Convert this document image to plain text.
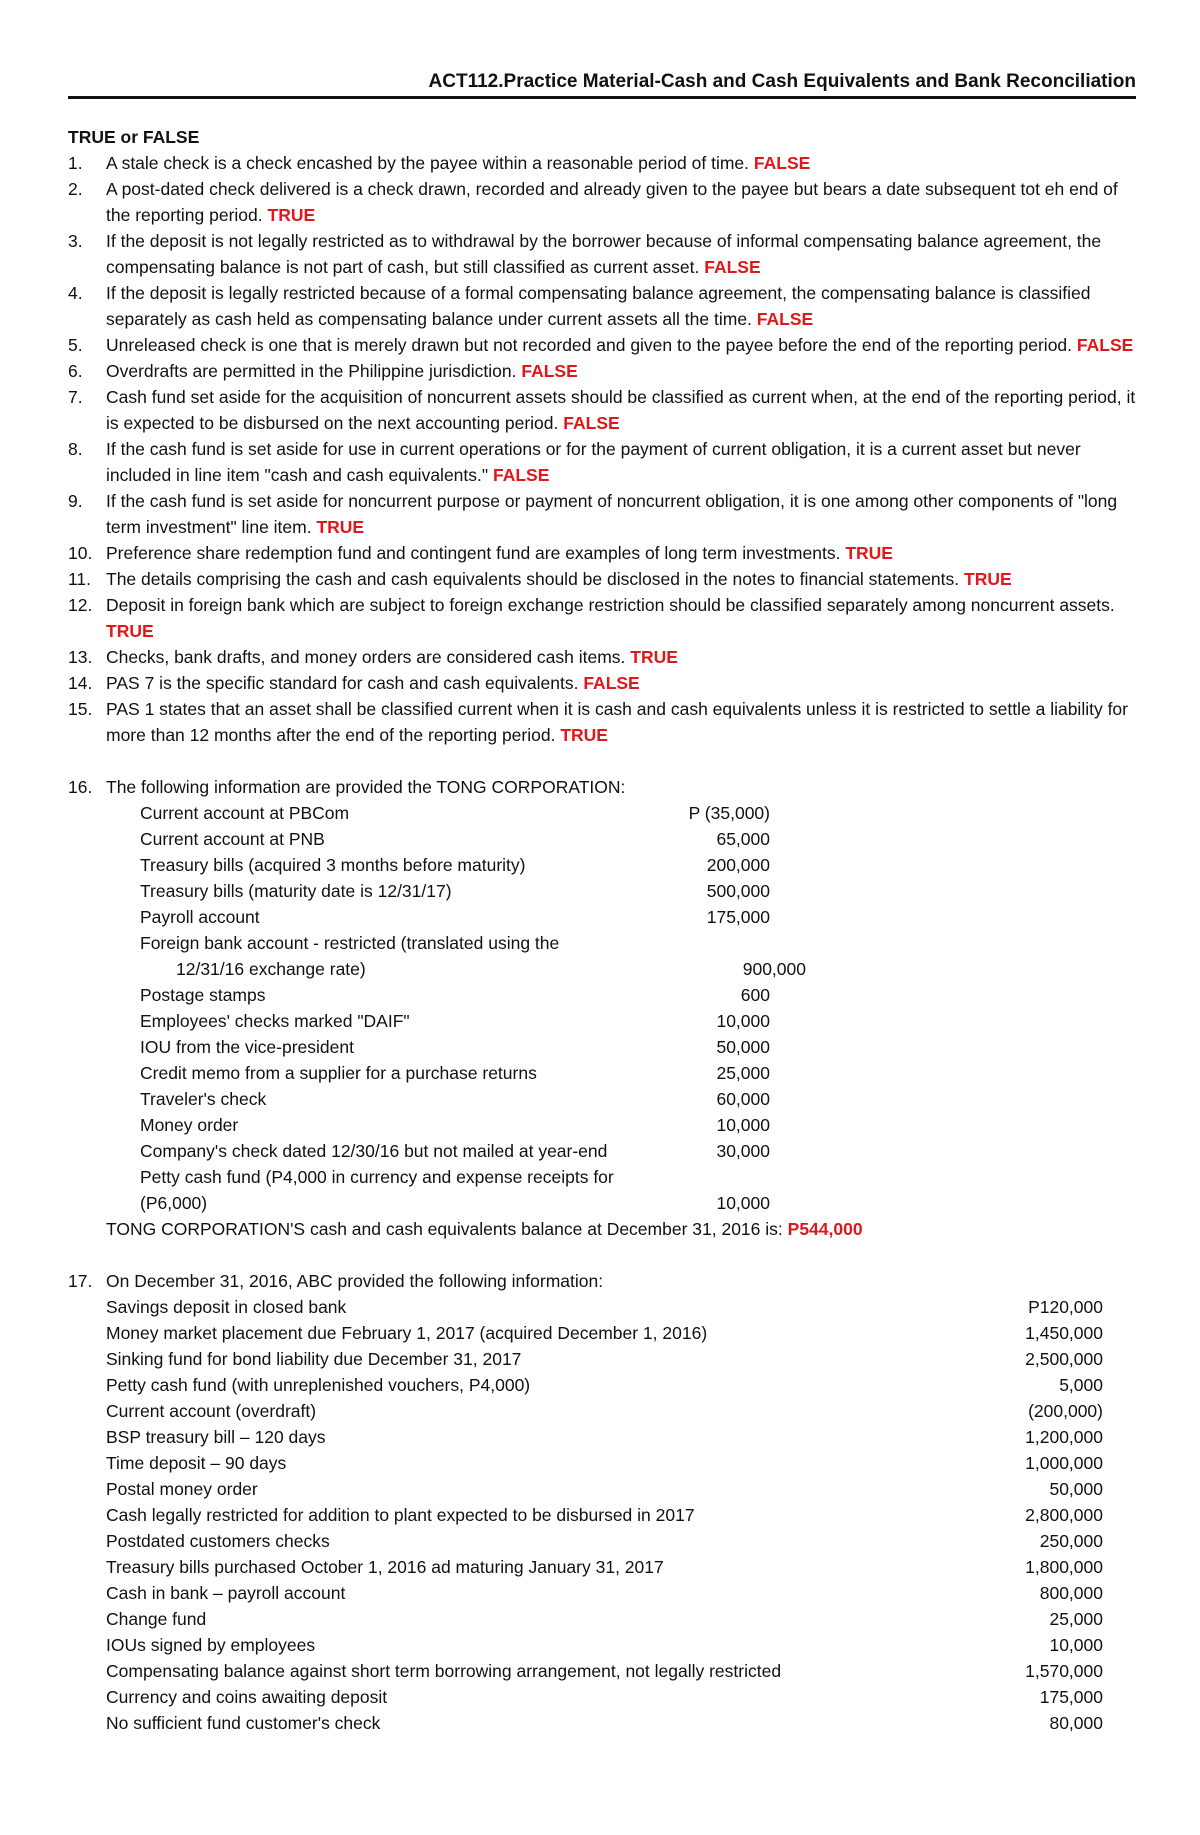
ACT112.Practice Material-Cash and Cash Equivalents and Bank Reconciliation
TRUE or FALSE
1.	A stale check is a check encashed by the payee within a reasonable period of time. FALSE
2.	A post-dated check delivered is a check drawn, recorded and already given to the payee but bears a date subsequent tot eh end of the reporting period. TRUE
3.	If the deposit is not legally restricted as to withdrawal by the borrower because of informal compensating balance agreement, the compensating balance is not part of cash, but still classified as current asset. FALSE
4.	If the deposit is legally restricted because of a formal compensating balance agreement, the compensating balance is classified separately as cash held as compensating balance under current assets all the time. FALSE
5.	Unreleased check is one that is merely drawn but not recorded and given to the payee before the end of the reporting period. FALSE
6.	Overdrafts are permitted in the Philippine jurisdiction. FALSE
7.	Cash fund set aside for the acquisition of noncurrent assets should be classified as current when, at the end of the reporting period, it is expected to be disbursed on the next accounting period. FALSE
8.	If the cash fund is set aside for use in current operations or for the payment of current obligation, it is a current asset but never included in line item "cash and cash equivalents." FALSE
9.	If the cash fund is set aside for noncurrent purpose or payment of noncurrent obligation, it is one among other components of "long term investment" line item. TRUE
10. Preference share redemption fund and contingent fund are examples of long term investments. TRUE
11. The details comprising the cash and cash equivalents should be disclosed in the notes to financial statements. TRUE
12. Deposit in foreign bank which are subject to foreign exchange restriction should be classified separately among noncurrent assets. TRUE
13. Checks, bank drafts, and money orders are considered cash items. TRUE
14. PAS 7 is the specific standard for cash and cash equivalents. FALSE
15. PAS 1 states that an asset shall be classified current when it is cash and cash equivalents unless it is restricted to settle a liability for more than 12 months after the end of the reporting period. TRUE
16. The following information are provided the TONG CORPORATION:
Current account at PBCom	P (35,000)
Current account at PNB	65,000
Treasury bills (acquired 3 months before maturity)	200,000
Treasury bills (maturity date is 12/31/17)	500,000
Payroll account	175,000
Foreign bank account - restricted (translated using the
12/31/16 exchange rate)	900,000
Postage stamps	600
Employees' checks marked "DAIF"	10,000
IOU from the vice-president	50,000
Credit memo from a supplier for a purchase returns	25,000
Traveler's check	60,000
Money order	10,000
Company's check dated 12/30/16 but not mailed at year-end	30,000
Petty cash fund (P4,000 in currency and expense receipts for
(P6,000)	10,000
TONG CORPORATION'S cash and cash equivalents balance at December 31, 2016 is: P544,000
17. On December 31, 2016, ABC provided the following information:
Savings deposit in closed bank	P120,000
Money market placement due February 1, 2017 (acquired December 1, 2016)	1,450,000
Sinking fund for bond liability due December 31, 2017	2,500,000
Petty cash fund (with unreplenished vouchers, P4,000)	5,000
Current account (overdraft)	(200,000)
BSP treasury bill – 120 days	1,200,000
Time deposit – 90 days	1,000,000
Postal money order	50,000
Cash legally restricted for addition to plant expected to be disbursed in 2017	2,800,000
Postdated customers checks	250,000
Treasury bills purchased October 1, 2016 ad maturing January 31, 2017	1,800,000
Cash in bank – payroll account	800,000
Change fund	25,000
IOUs signed by employees	10,000
Compensating balance against short term borrowing arrangement, not legally restricted	1,570,000
Currency and coins awaiting deposit	175,000
No sufficient fund customer's check	80,000
